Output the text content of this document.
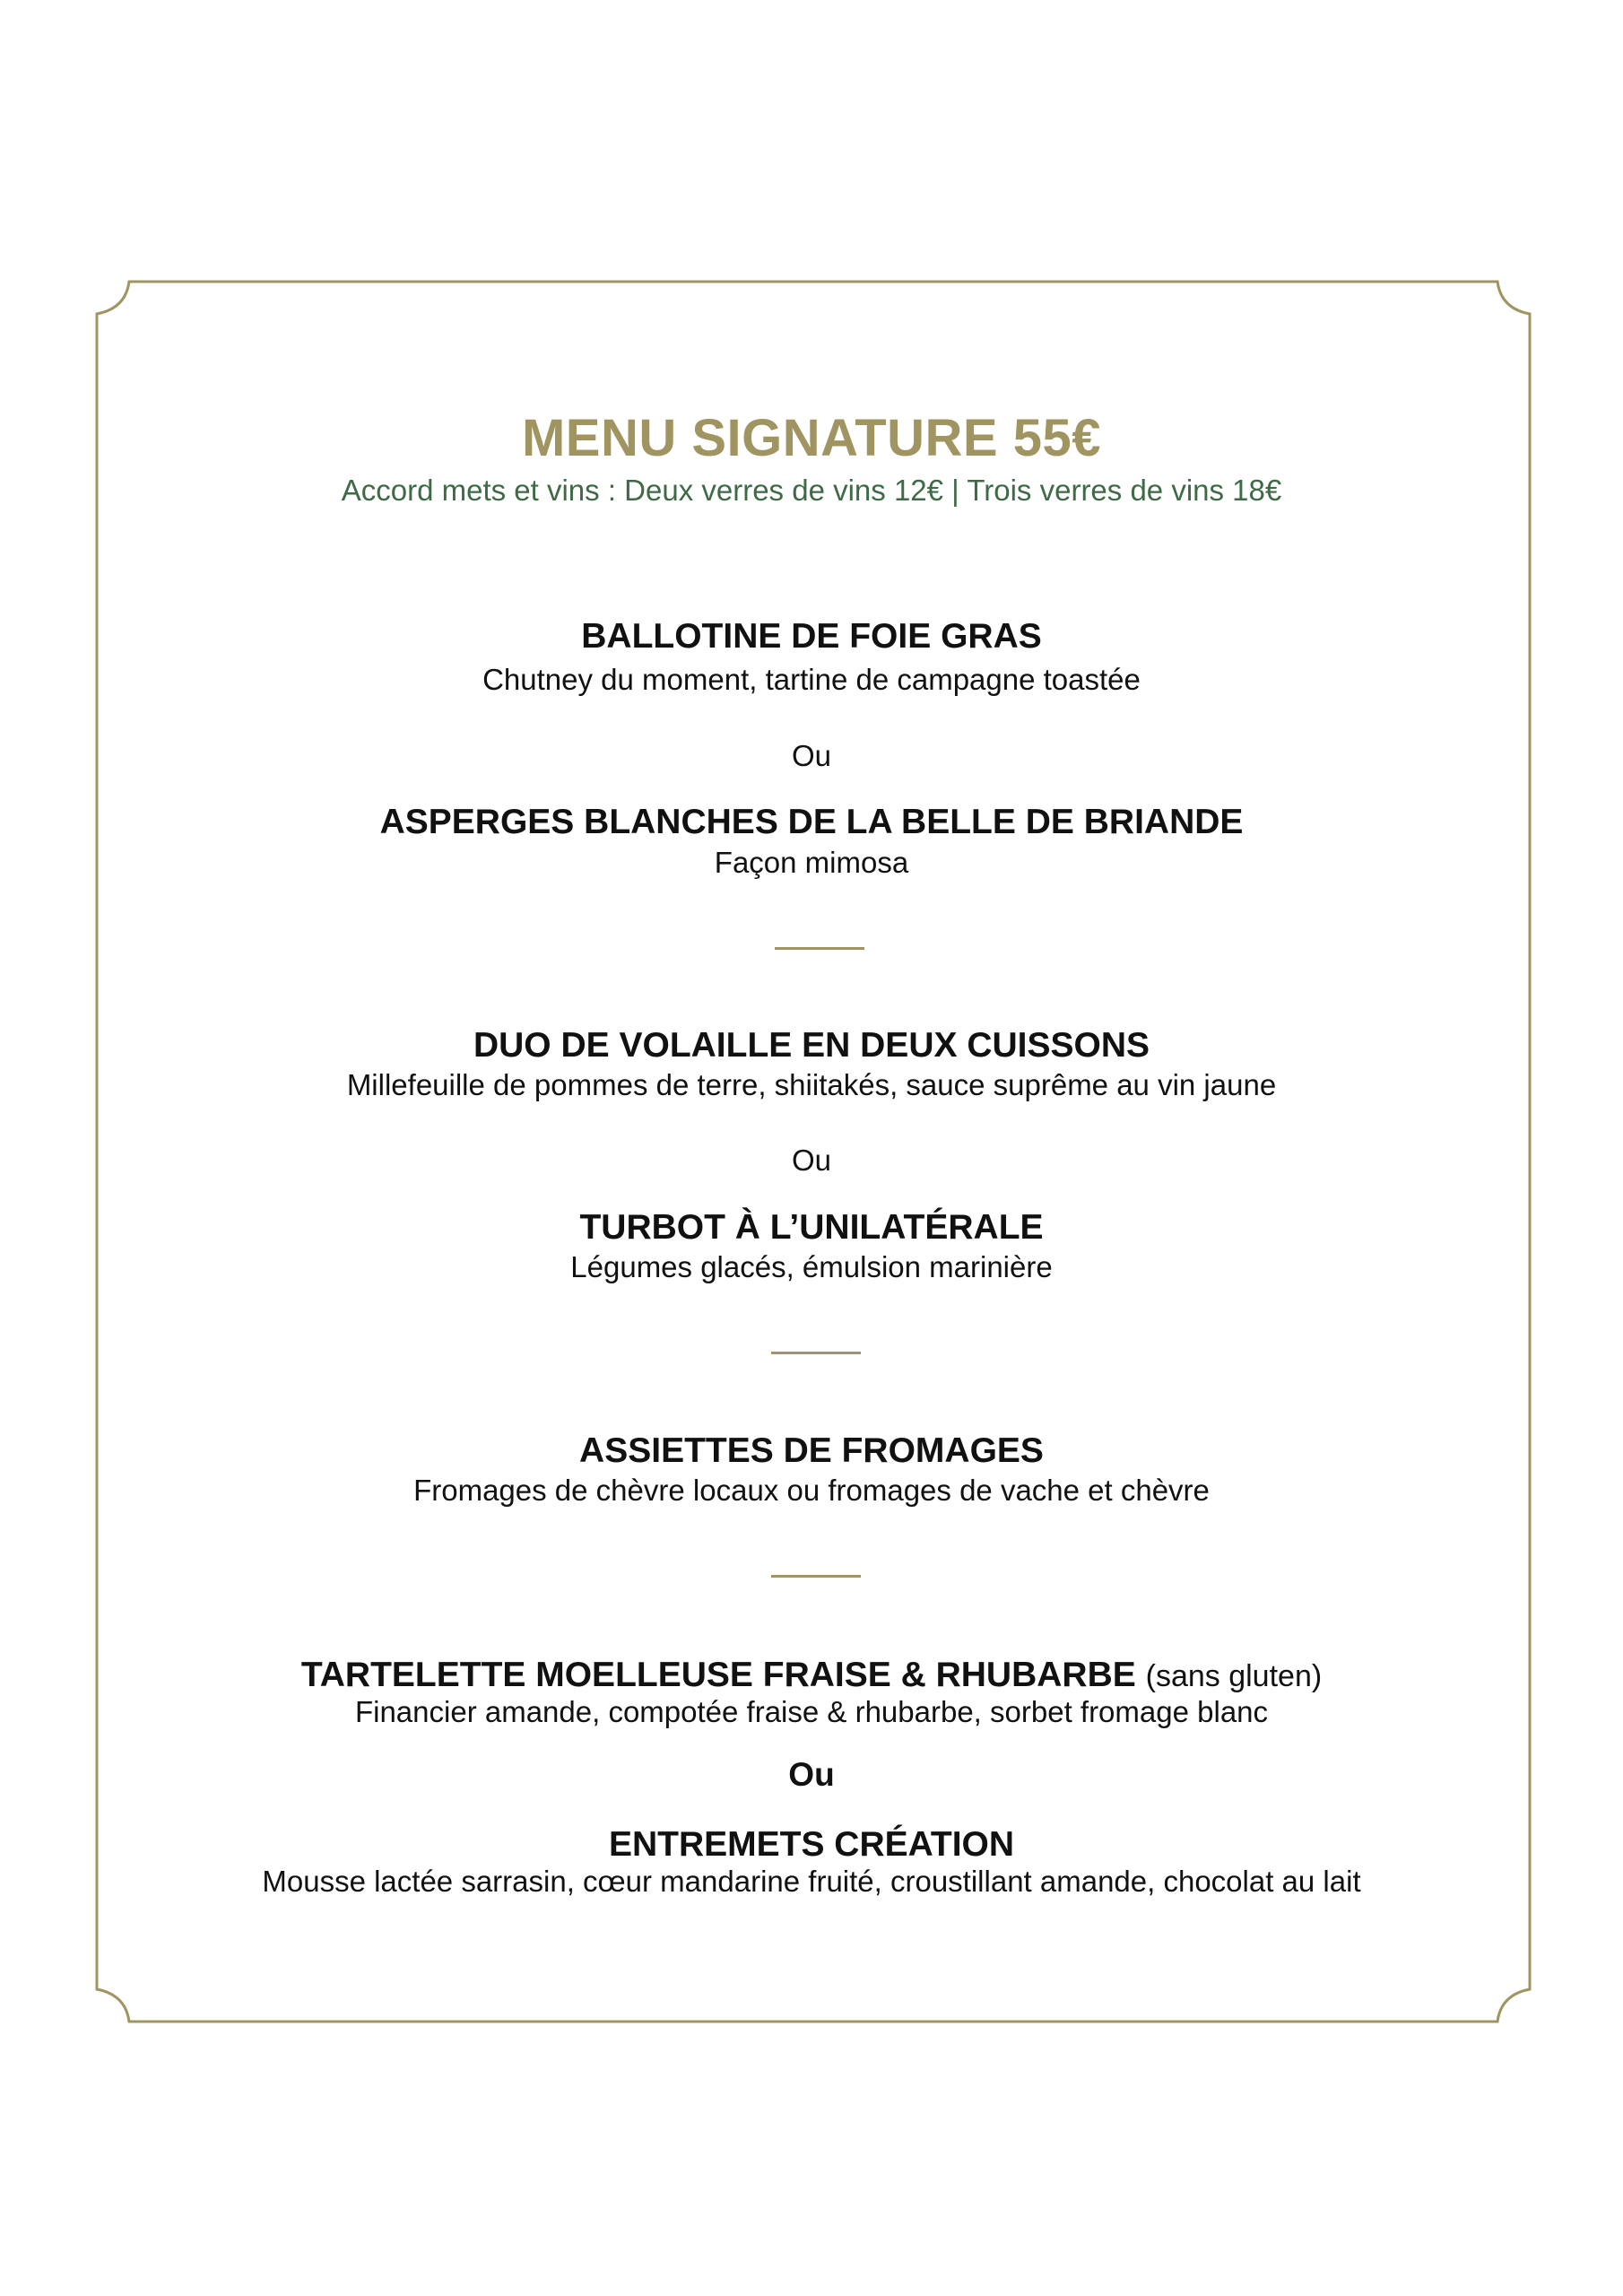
MENU SIGNATURE 55€
Accord mets et vins : Deux verres de vins 12€ | Trois verres de vins 18€
BALLOTINE DE FOIE GRAS
Chutney du moment, tartine de campagne toastée
Ou
ASPERGES BLANCHES DE LA BELLE DE BRIANDE
Façon mimosa
DUO DE VOLAILLE EN DEUX CUISSONS
Millefeuille de pommes de terre, shiitakés, sauce suprême au vin jaune
Ou
TURBOT À L’UNILATÉRALE
Légumes glacés, émulsion marinière
ASSIETTES DE FROMAGES
Fromages de chèvre locaux ou fromages de vache et chèvre
TARTELETTE MOELLEUSE FRAISE & RHUBARBE (sans gluten)
Financier amande, compotée fraise & rhubarbe, sorbet fromage blanc
Ou
ENTREMETS CRÉATION
Mousse lactée sarrasin, cœur mandarine fruité, croustillant amande, chocolat au lait
